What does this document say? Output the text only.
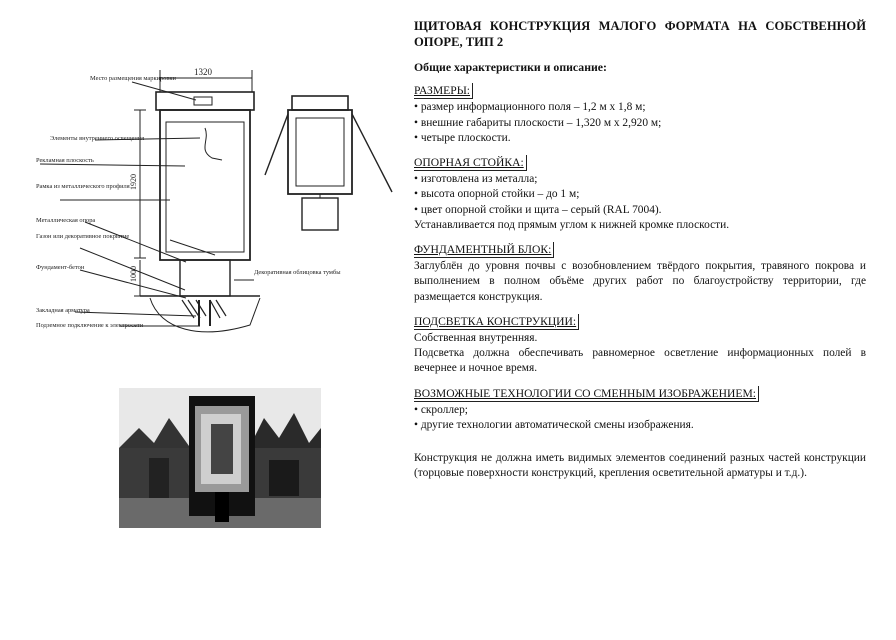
Место размещения маркировки
Элементы внутреннего освещения
Рекламная плоскость
Рамка из металлического профиля
Металлическая опора
Газон или декоративное покрытие
Фундамент-бетон
Декоративная облицовка тумбы
Закладная арматура
Подземное подключение к электросети
1320
1920
1000

ЩИТОВАЯ КОНСТРУКЦИЯ МАЛОГО ФОРМАТА НА СОБСТВЕННОЙ ОПОРЕ, ТИП 2

Общие характеристики и описание:

РАЗМЕРЫ:

• размер информационного поля – 1,2 м х 1,8 м;

• внешние габариты плоскости – 1,320 м х 2,920 м;

• четыре плоскости.

ОПОРНАЯ СТОЙКА:

• изготовлена из металла;

• высота опорной стойки – до 1 м;

• цвет опорной стойки и щита – серый (RAL 7004).

Устанавливается под прямым углом к нижней кромке плоскости.

ФУНДАМЕНТНЫЙ БЛОК:

Заглублён до уровня почвы с возобновлением твёрдого покрытия, травяного покрова и выполнением в полном объёме других работ по благоустройству территории, где размещается конструкция.

ПОДСВЕТКА КОНСТРУКЦИИ:

Собственная внутренняя.

Подсветка должна обеспечивать равномерное осветление информационных полей в вечернее и ночное время.

ВОЗМОЖНЫЕ ТЕХНОЛОГИИ СО СМЕННЫМ ИЗОБРАЖЕНИЕМ:

• скроллер;

• другие технологии автоматической смены изображения.

Конструкция не должна иметь видимых элементов соединений разных частей конструкции (торцовые поверхности конструкций, крепления осветительной арматуры и т.д.).
